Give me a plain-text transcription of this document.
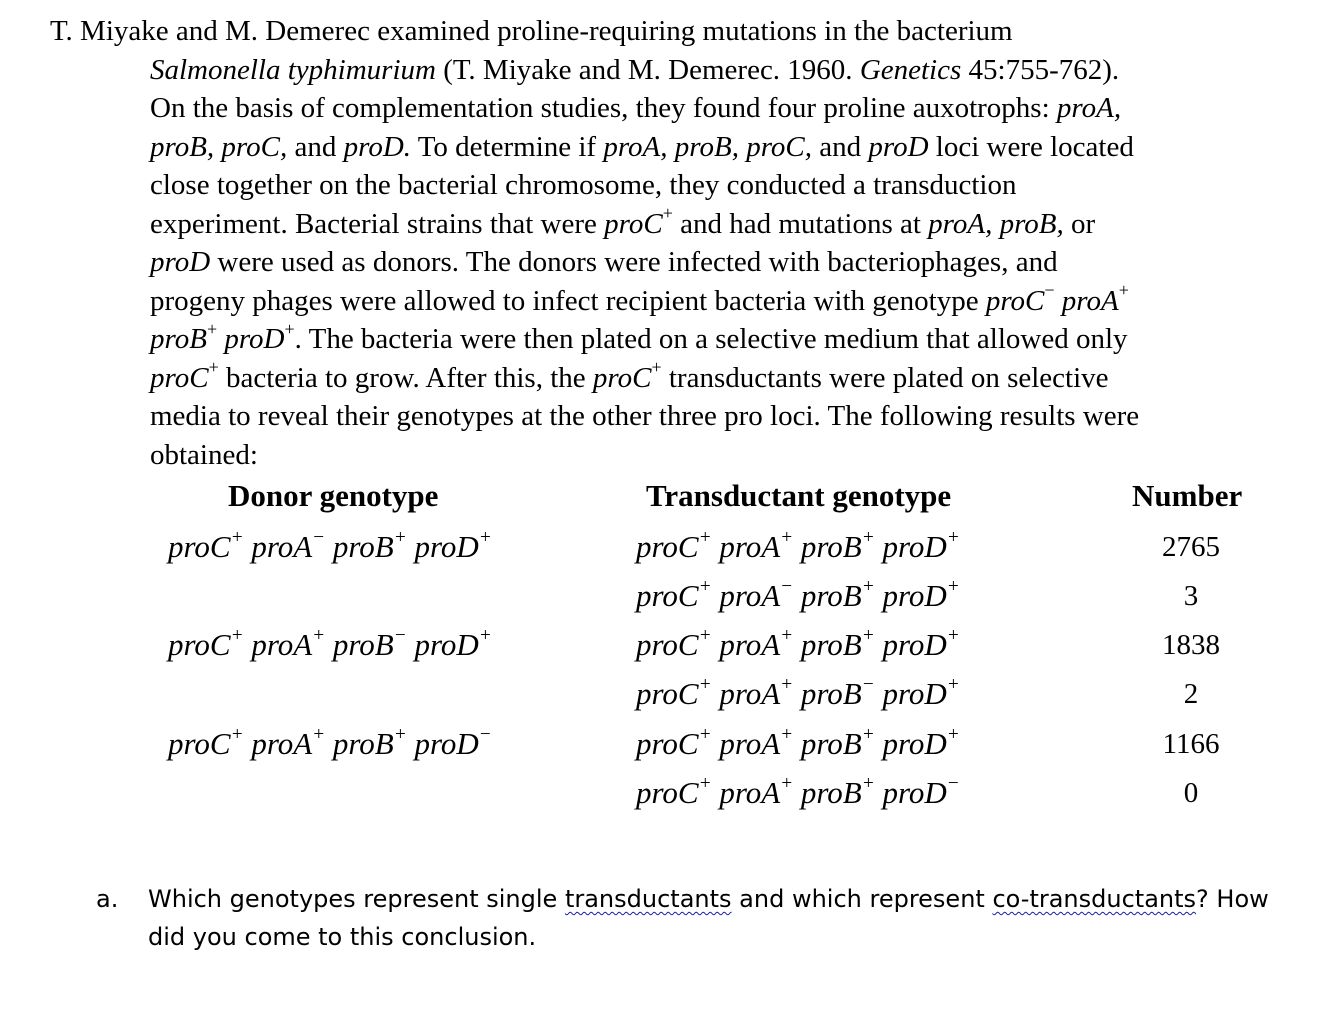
T. Miyake and M. Demerec examined proline-requiring mutations in the bacterium
Salmonella typhimurium (T. Miyake and M. Demerec. 1960. Genetics 45:755-762).
On the basis of complementation studies, they found four proline auxotrophs: proA,
proB, proC, and proD. To determine if proA, proB, proC, and proD loci were located
close together on the bacterial chromosome, they conducted a transduction
experiment. Bacterial strains that were proC+ and had mutations at proA, proB, or
proD were used as donors. The donors were infected with bacteriophages, and
progeny phages were allowed to infect recipient bacteria with genotype proC− proA+
proB+ proD+. The bacteria were then plated on a selective medium that allowed only
proC+ bacteria to grow. After this, the proC+ transductants were plated on selective
media to reveal their genotypes at the other three pro loci. The following results were
obtained:
Donor genotype	Transductant genotype	Number
proC+ proA− proB+ proD+
proC+ proA+ proB− proD+
proC+ proA+ proB+ proD−
proC+ proA+ proB+ proD+
proC+ proA− proB+ proD+
proC+ proA+ proB+ proD+
proC+ proA+ proB− proD+
proC+ proA+ proB+ proD+
proC+ proA+ proB+ proD−
2765
3
1838
2
1166
0
a. Which genotypes represent single transductants and which represent co-transductants? How
did you come to this conclusion.
